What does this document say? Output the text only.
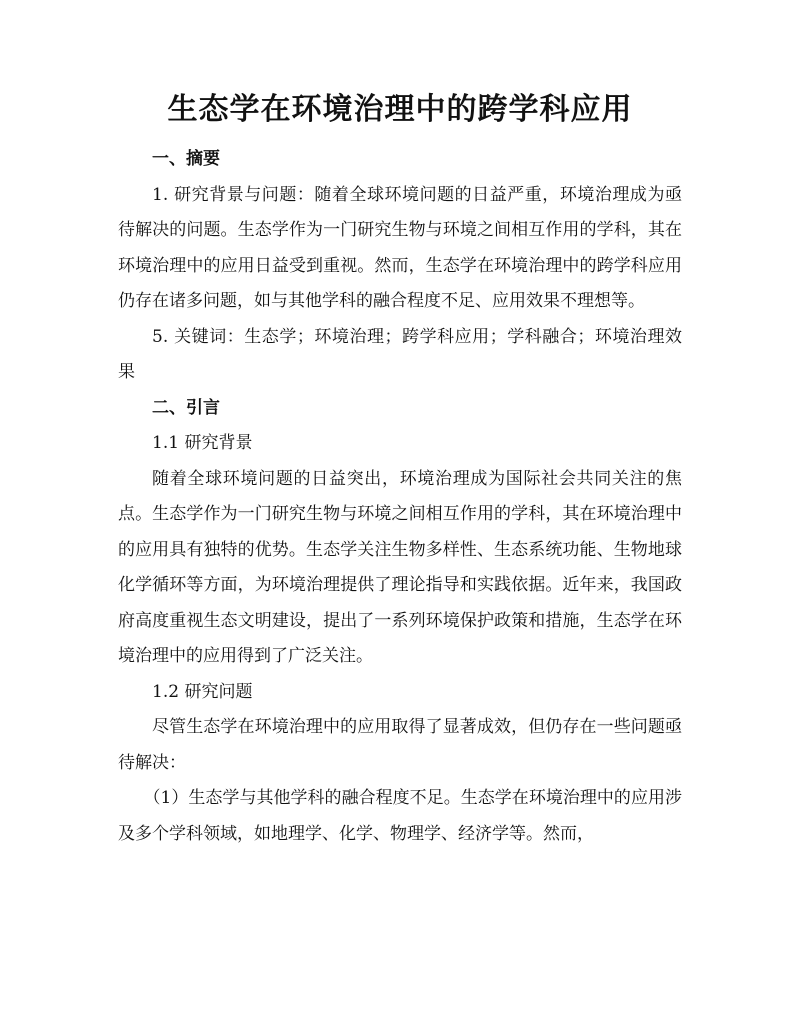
生态学在环境治理中的跨学科应用

一、摘要

1. 研究背景与问题：随着全球环境问题的日益严重，环境治理成为亟待解决的问题。生态学作为一门研究生物与环境之间相互作用的学科，其在环境治理中的应用日益受到重视。然而，生态学在环境治理中的跨学科应用仍存在诸多问题，如与其他学科的融合程度不足、应用效果不理想等。

5. 关键词：生态学；环境治理；跨学科应用；学科融合；环境治理效果

二、引言

1.1 研究背景

随着全球环境问题的日益突出，环境治理成为国际社会共同关注的焦点。生态学作为一门研究生物与环境之间相互作用的学科，其在环境治理中的应用具有独特的优势。生态学关注生物多样性、生态系统功能、生物地球化学循环等方面，为环境治理提供了理论指导和实践依据。近年来，我国政府高度重视生态文明建设，提出了一系列环境保护政策和措施，生态学在环境治理中的应用得到了广泛关注。

1.2 研究问题

尽管生态学在环境治理中的应用取得了显著成效，但仍存在一些问题亟待解决：

（1）生态学与其他学科的融合程度不足。生态学在环境治理中的应用涉及多个学科领域，如地理学、化学、物理学、经济学等。然而，
